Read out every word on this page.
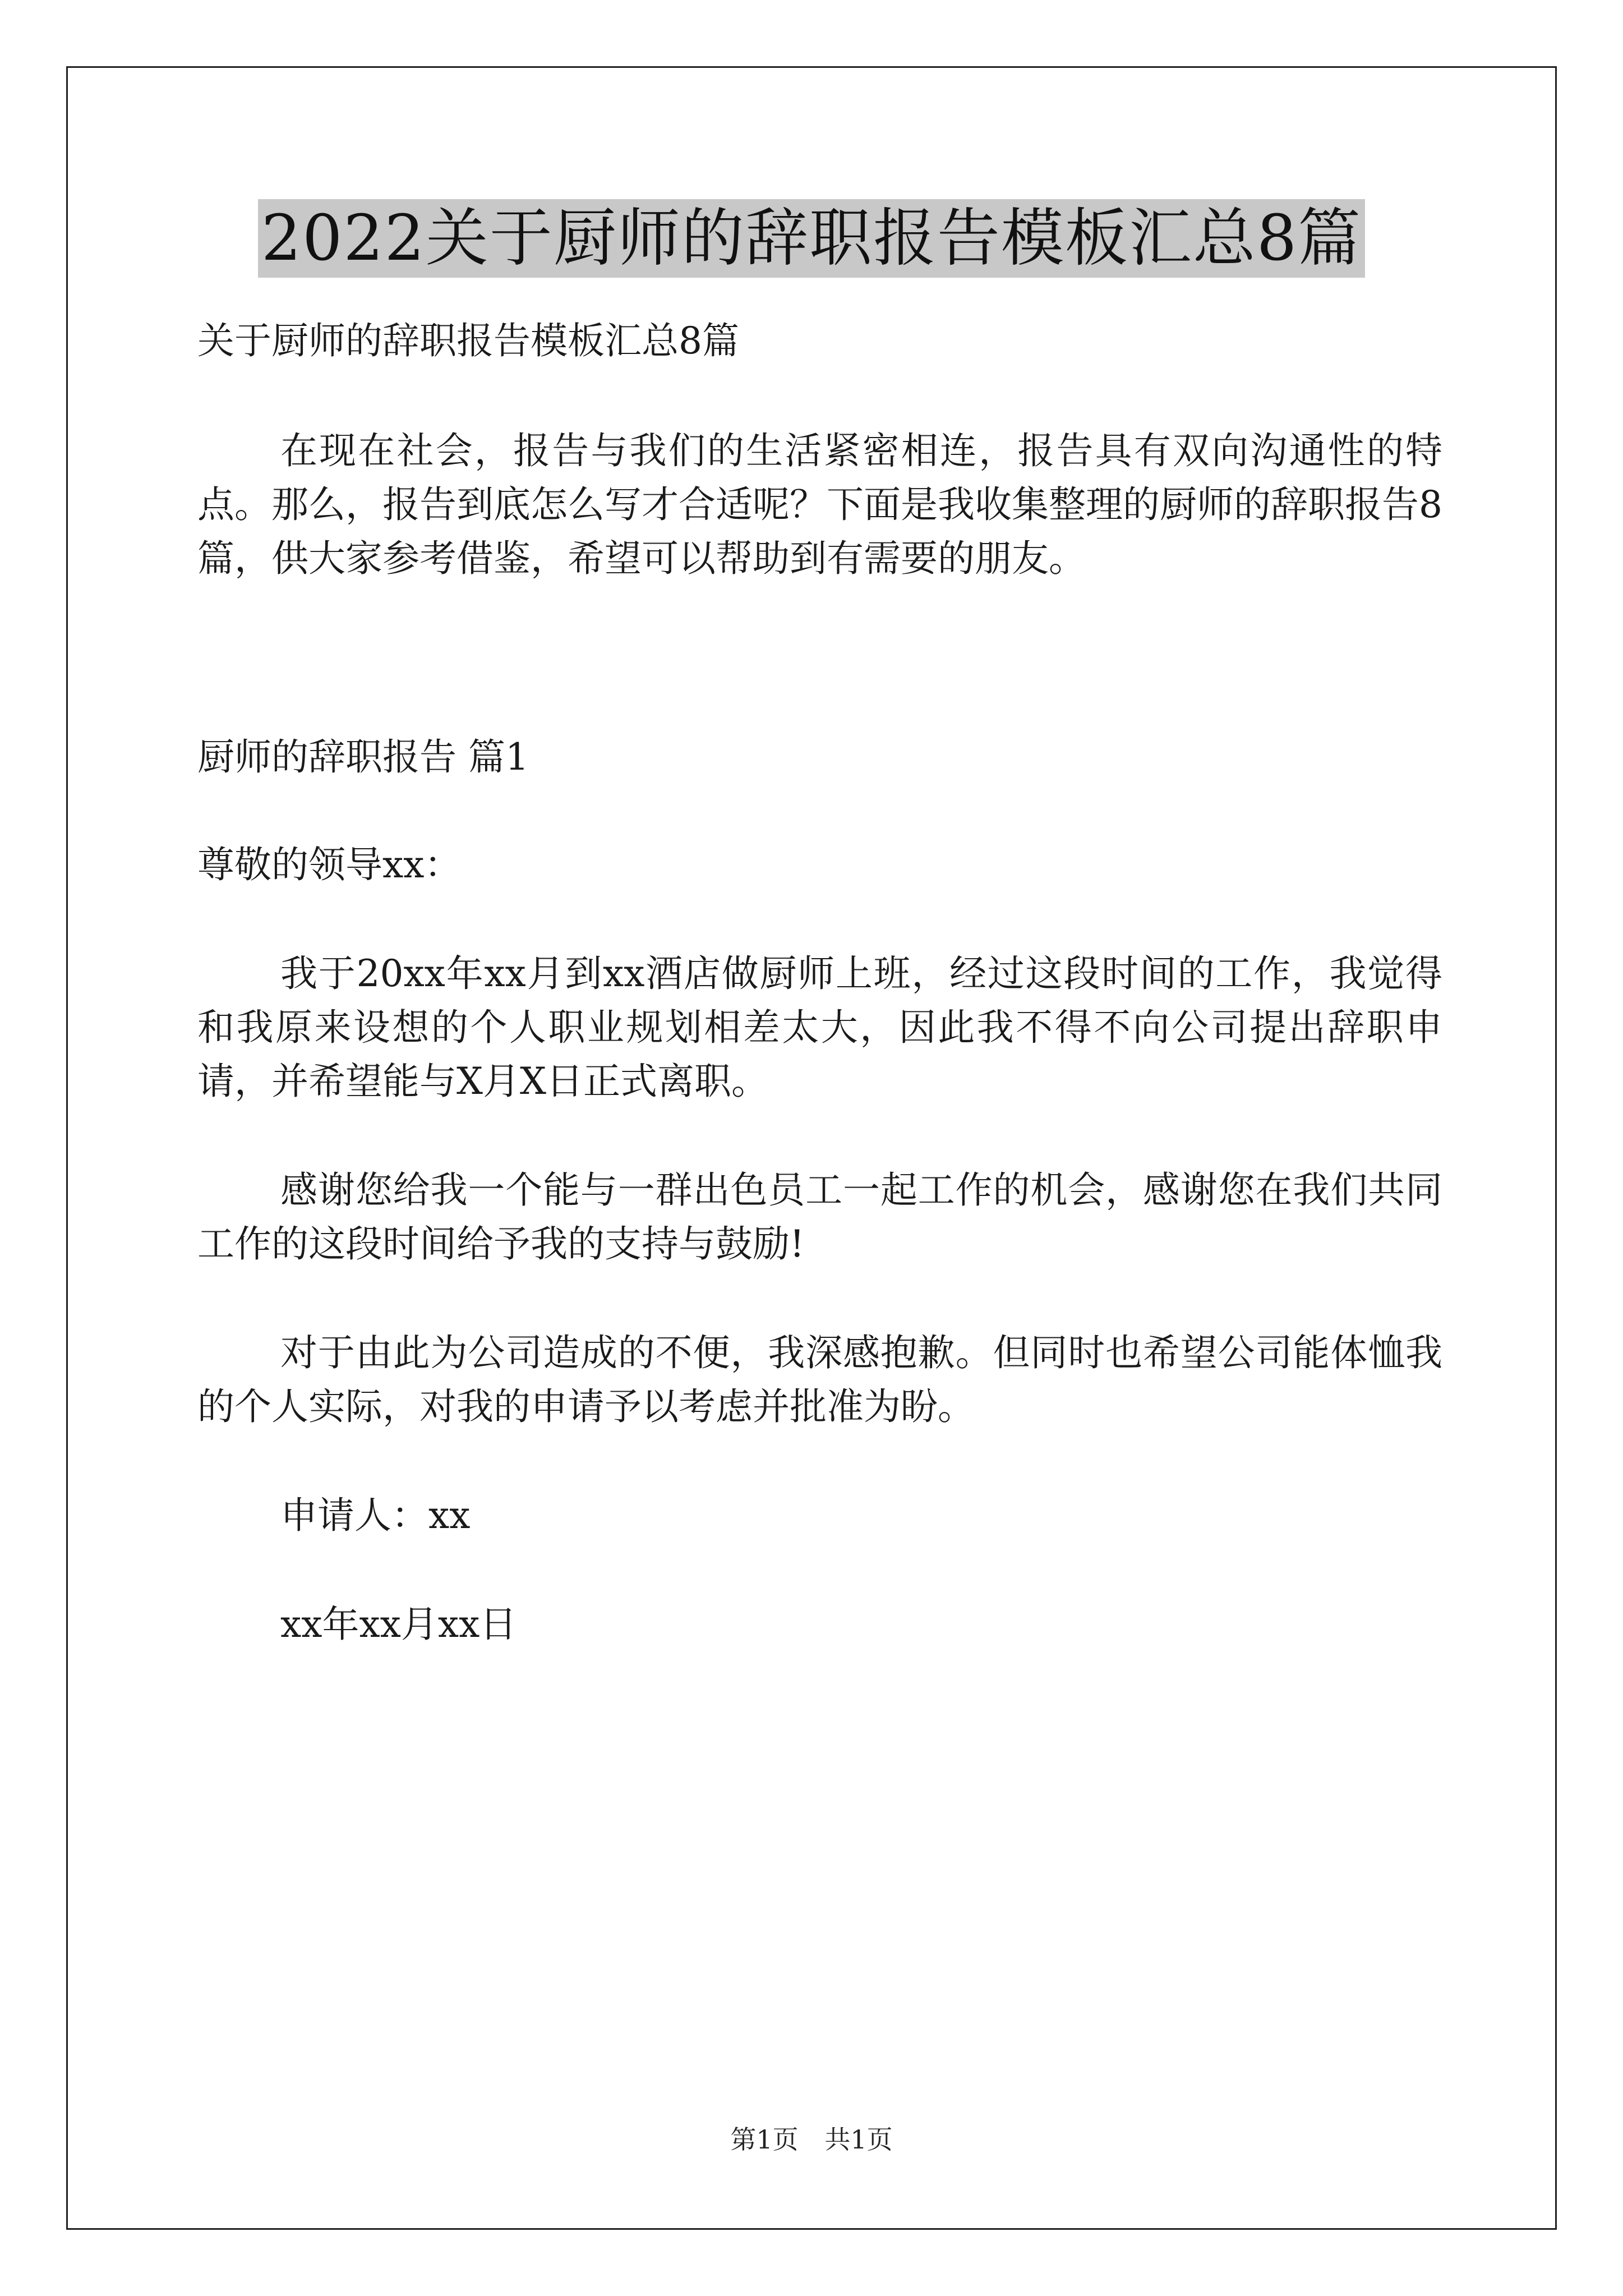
2022关于厨师的辞职报告模板汇总8篇

关于厨师的辞职报告模板汇总8篇

在现在社会，报告与我们的生活紧密相连，报告具有双向沟通性的特点。那么，报告到底怎么写才合适呢？下面是我收集整理的厨师的辞职报告8篇，供大家参考借鉴，希望可以帮助到有需要的朋友。

厨师的辞职报告 篇1

尊敬的领导xx：

我于20xx年xx月到xx酒店做厨师上班，经过这段时间的工作，我觉得和我原来设想的个人职业规划相差太大，因此我不得不向公司提出辞职申请，并希望能与X月X日正式离职。

感谢您给我一个能与一群出色员工一起工作的机会，感谢您在我们共同工作的这段时间给予我的支持与鼓励!

对于由此为公司造成的不便，我深感抱歉。但同时也希望公司能体恤我的个人实际，对我的申请予以考虑并批准为盼。

申请人：xx

xx年xx月xx日

第1页 共1页
